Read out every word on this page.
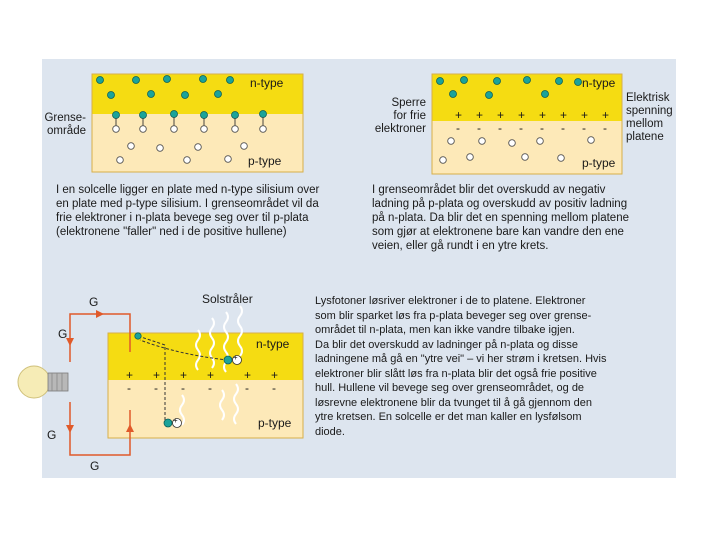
n-type
p-type
Grense-
område
I en solcelle ligger en plate med n-type silisium over
en plate med p-type silisium. I grenseområdet vil da
frie elektroner i n-plata bevege seg over til p-plata
(elektronene "faller" ned i de positive hullene)
n-type
p-type
Sperre
for frie
elektroner
Elektrisk
spenning
mellom
platene
+ + + + + + + +
- - - - - - - -
I grenseområdet blir det overskudd av negativ
ladning på p-plata og overskudd av positiv ladning
på n-plata. Da blir det en spenning mellom platene
som gjør at elektronene bare kan vandre den ene
veien, eller gå rundt i en ytre krets.
+
+
Solstråler
n-type
p-type
G
G
G
G
+ + + + + +
- - - -	- -
Lysfotoner løsriver elektroner i de to platene. Elektroner
som blir sparket løs fra p-plata beveger seg over grense-
området til n-plata, men kan ikke vandre tilbake igjen.
Da blir det overskudd av ladninger på n-plata og disse
ladningene må gå en "ytre vei" – vi her strøm i kretsen. Hvis
elektroner blir slått løs fra n-plata blir det også frie positive
hull. Hullene vil bevege seg over grenseområdet, og de
løsrevne elektronene blir da tvunget til å gå gjennom den
ytre kretsen. En solcelle er det man kaller en lysfølsom
diode.
